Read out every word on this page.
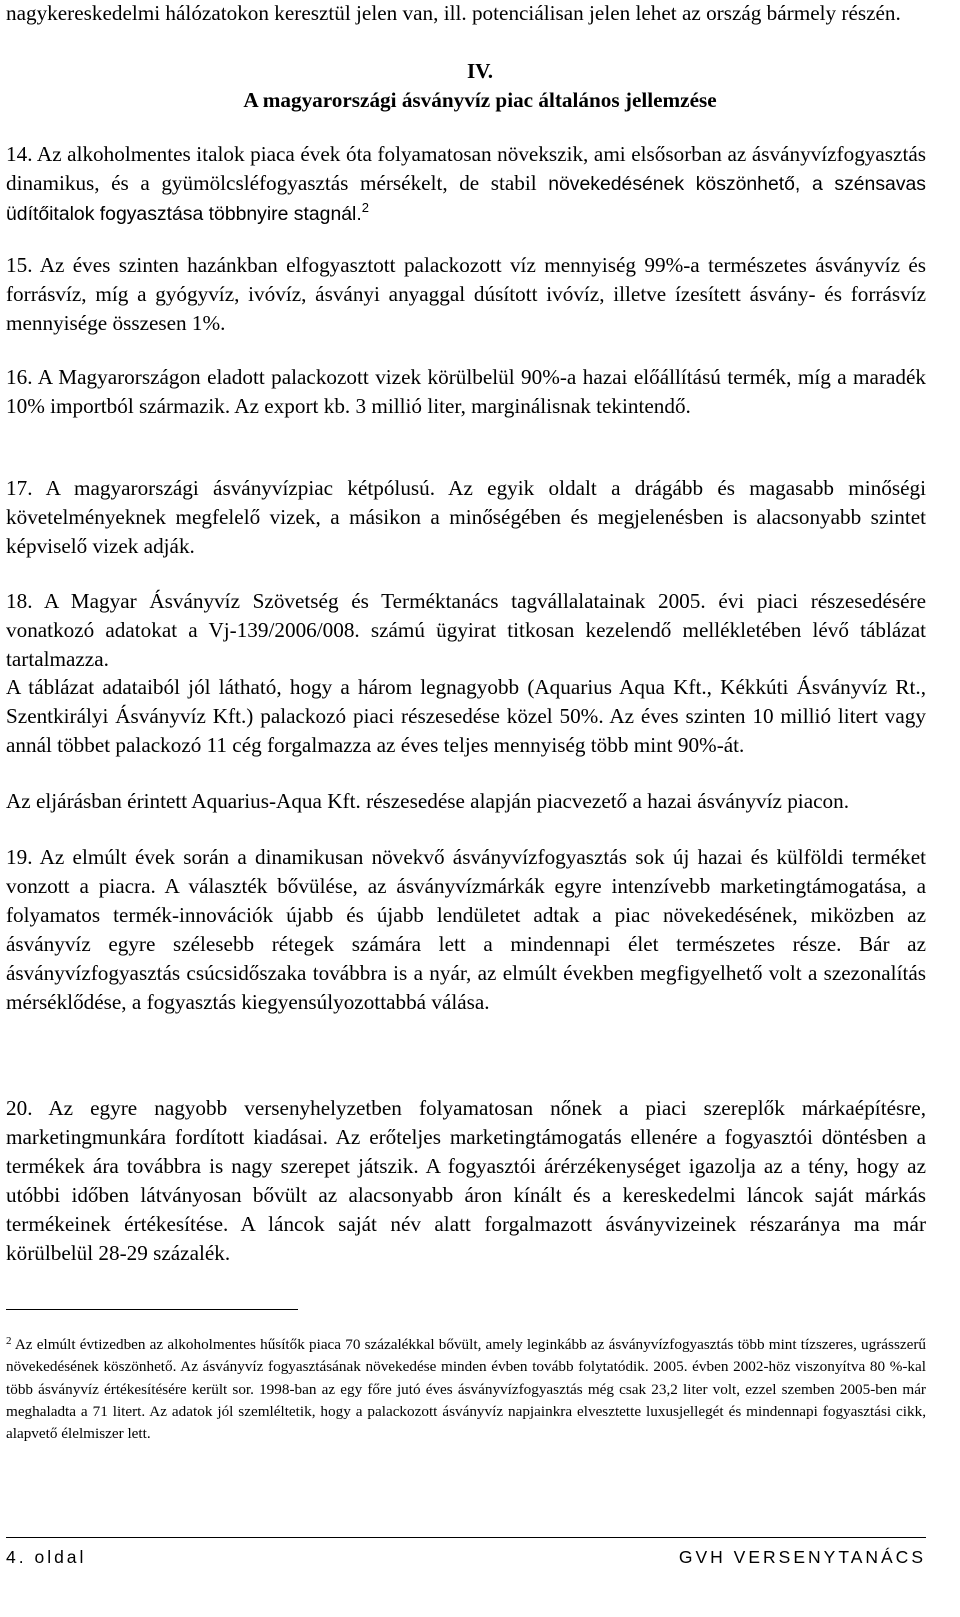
nagykereskedelmi hálózatokon keresztül jelen van, ill. potenciálisan jelen lehet az ország bármely részén.

IV.

A magyarországi ásványvíz piac általános jellemzése

14. Az alkoholmentes italok piaca évek óta folyamatosan növekszik, ami elsősorban az ásványvízfogyasztás dinamikus, és a gyümölcsléfogyasztás mérsékelt, de stabil növekedésének köszönhető, a szénsavas üdítőitalok fogyasztása többnyire stagnál.$^2$

15. Az éves szinten hazánkban elfogyasztott palackozott víz mennyiség 99%-a természetes ásványvíz és forrásvíz, míg a gyógyvíz, ivóvíz, ásványi anyaggal dúsított ivóvíz, illetve ízesített ásvány- és forrásvíz mennyisége összesen 1%.

16. A Magyarországon eladott palackozott vizek körülbelül 90%-a hazai előállítású termék, míg a maradék 10% importból származik. Az export kb. 3 millió liter, marginálisnak tekintendő.

17. A magyarországi ásványvízpiac kétpólusú. Az egyik oldalt a drágább és magasabb minőségi követelményeknek megfelelő vizek, a másikon a minőségében és megjelenésben is alacsonyabb szintet képviselő vizek adják.

18. A Magyar Ásványvíz Szövetség és Terméktanács tagvállalatainak 2005. évi piaci részesedésére vonatkozó adatokat a Vj-139/2006/008. számú ügyirat titkosan kezelendő mellékletében lévő táblázat tartalmazza.

A táblázat adataiból jól látható, hogy a három legnagyobb (Aquarius Aqua Kft., Kékkúti Ásványvíz Rt., Szentkirályi Ásványvíz Kft.) palackozó piaci részesedése közel 50%. Az éves szinten 10 millió litert vagy annál többet palackozó 11 cég forgalmazza az éves teljes mennyiség több mint 90%-át.

Az eljárásban érintett Aquarius-Aqua Kft. részesedése alapján piacvezető a hazai ásványvíz piacon.

19. Az elmúlt évek során a dinamikusan növekvő ásványvízfogyasztás sok új hazai és külföldi terméket vonzott a piacra. A választék bővülése, az ásványvízmárkák egyre intenzívebb marketingtámogatása, a folyamatos termék-innovációk újabb és újabb lendületet adtak a piac növekedésének, miközben az ásványvíz egyre szélesebb rétegek számára lett a mindennapi élet természetes része. Bár az ásványvízfogyasztás csúcsidőszaka továbbra is a nyár, az elmúlt években megfigyelhető volt a szezonalítás mérséklődése, a fogyasztás kiegyensúlyozottabbá válása.

20. Az egyre nagyobb versenyhelyzetben folyamatosan nőnek a piaci szereplők márkaépítésre, marketingmunkára fordított kiadásai. Az erőteljes marketingtámogatás ellenére a fogyasztói döntésben a termékek ára továbbra is nagy szerepet játszik. A fogyasztói árérzékenységet igazolja az a tény, hogy az utóbbi időben látványosan bővült az alacsonyabb áron kínált és a kereskedelmi láncok saját márkás termékeinek értékesítése. A láncok saját név alatt forgalmazott ásványvizeinek részaránya ma már körülbelül 28-29 százalék.

$^2$ Az elmúlt évtizedben az alkoholmentes hűsítők piaca 70 százalékkal bővült, amely leginkább az ásványvízfogyasztás több mint tízszeres, ugrásszerű növekedésének köszönhető. Az ásványvíz fogyasztásának növekedése minden évben tovább folytatódik. 2005. évben 2002-höz viszonyítva 80 %-kal több ásványvíz értékesítésére került sor. 1998-ban az egy főre jutó éves ásványvízfogyasztás még csak 23,2 liter volt, ezzel szemben 2005-ben már meghaladta a 71 litert. Az adatok jól szemléltetik, hogy a palackozott ásványvíz napjainkra elvesztette luxusjellegét és mindennapi fogyasztási cikk, alapvető élelmiszer lett.

4. oldal	GVH VERSENYTANÁCS
